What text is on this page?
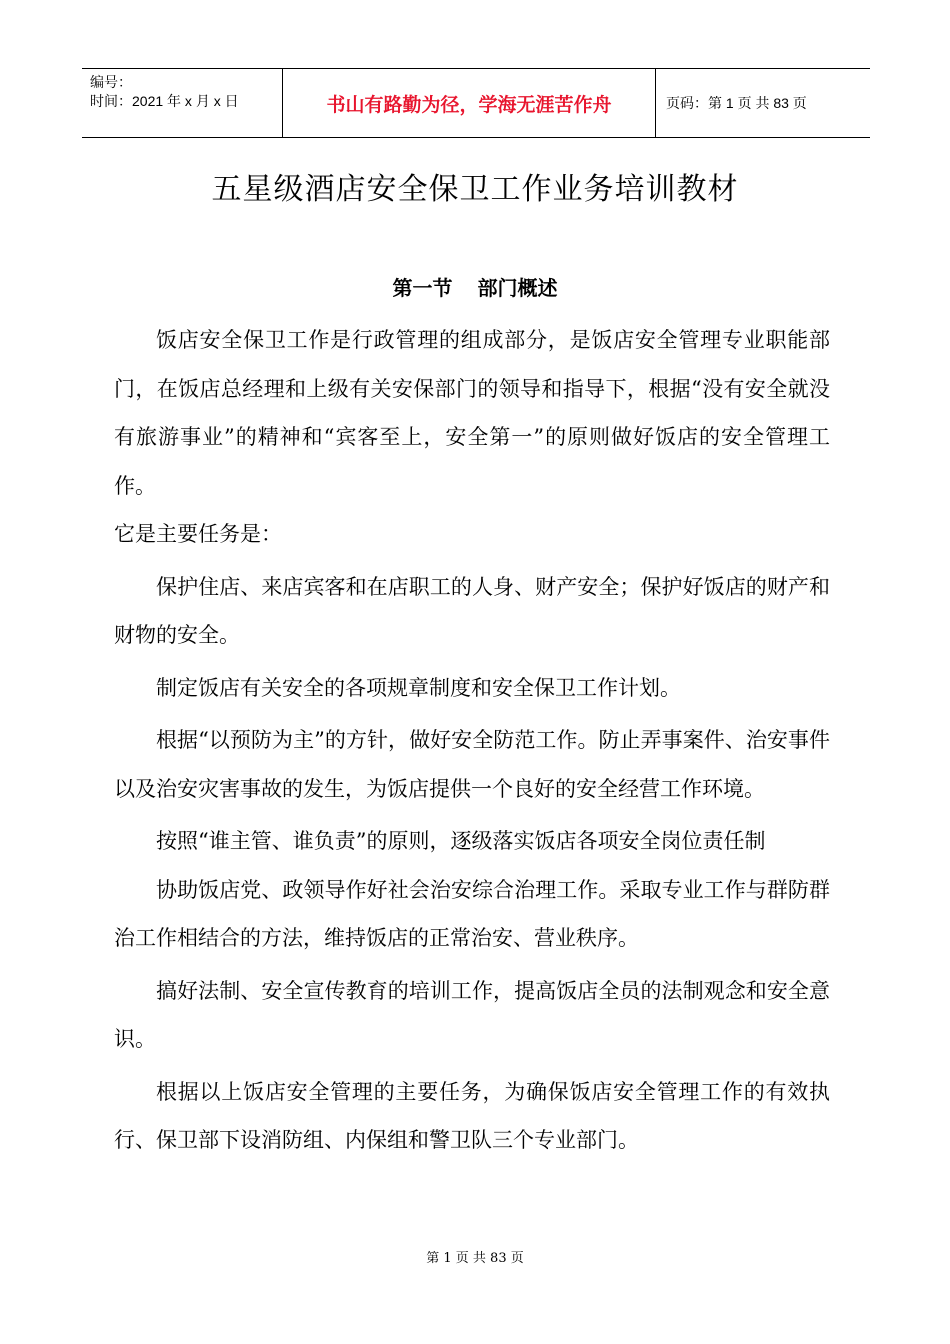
编号：
时间：2021 年 x 月 x 日	书山有路勤为径，学海无涯苦作舟	页码：第 1 页 共 83 页
五星级酒店安全保卫工作业务培训教材
第一节 部门概述

饭店安全保卫工作是行政管理的组成部分，是饭店安全管理专业职能部门，在饭店总经理和上级有关安保部门的领导和指导下，根据“没有安全就没有旅游事业”的精神和“宾客至上，安全第一”的原则做好饭店的安全管理工作。

它是主要任务是：

保护住店、来店宾客和在店职工的人身、财产安全；保护好饭店的财产和财物的安全。

制定饭店有关安全的各项规章制度和安全保卫工作计划。

根据“以预防为主”的方针，做好安全防范工作。防止弄事案件、治安事件以及治安灾害事故的发生，为饭店提供一个良好的安全经营工作环境。

按照“谁主管、谁负责”的原则，逐级落实饭店各项安全岗位责任制

协助饭店党、政领导作好社会治安综合治理工作。采取专业工作与群防群治工作相结合的方法，维持饭店的正常治安、营业秩序。

搞好法制、安全宣传教育的培训工作，提高饭店全员的法制观念和安全意识。

根据以上饭店安全管理的主要任务，为确保饭店安全管理工作的有效执行、保卫部下设消防组、内保组和警卫队三个专业部门。

第 1 页 共 83 页
